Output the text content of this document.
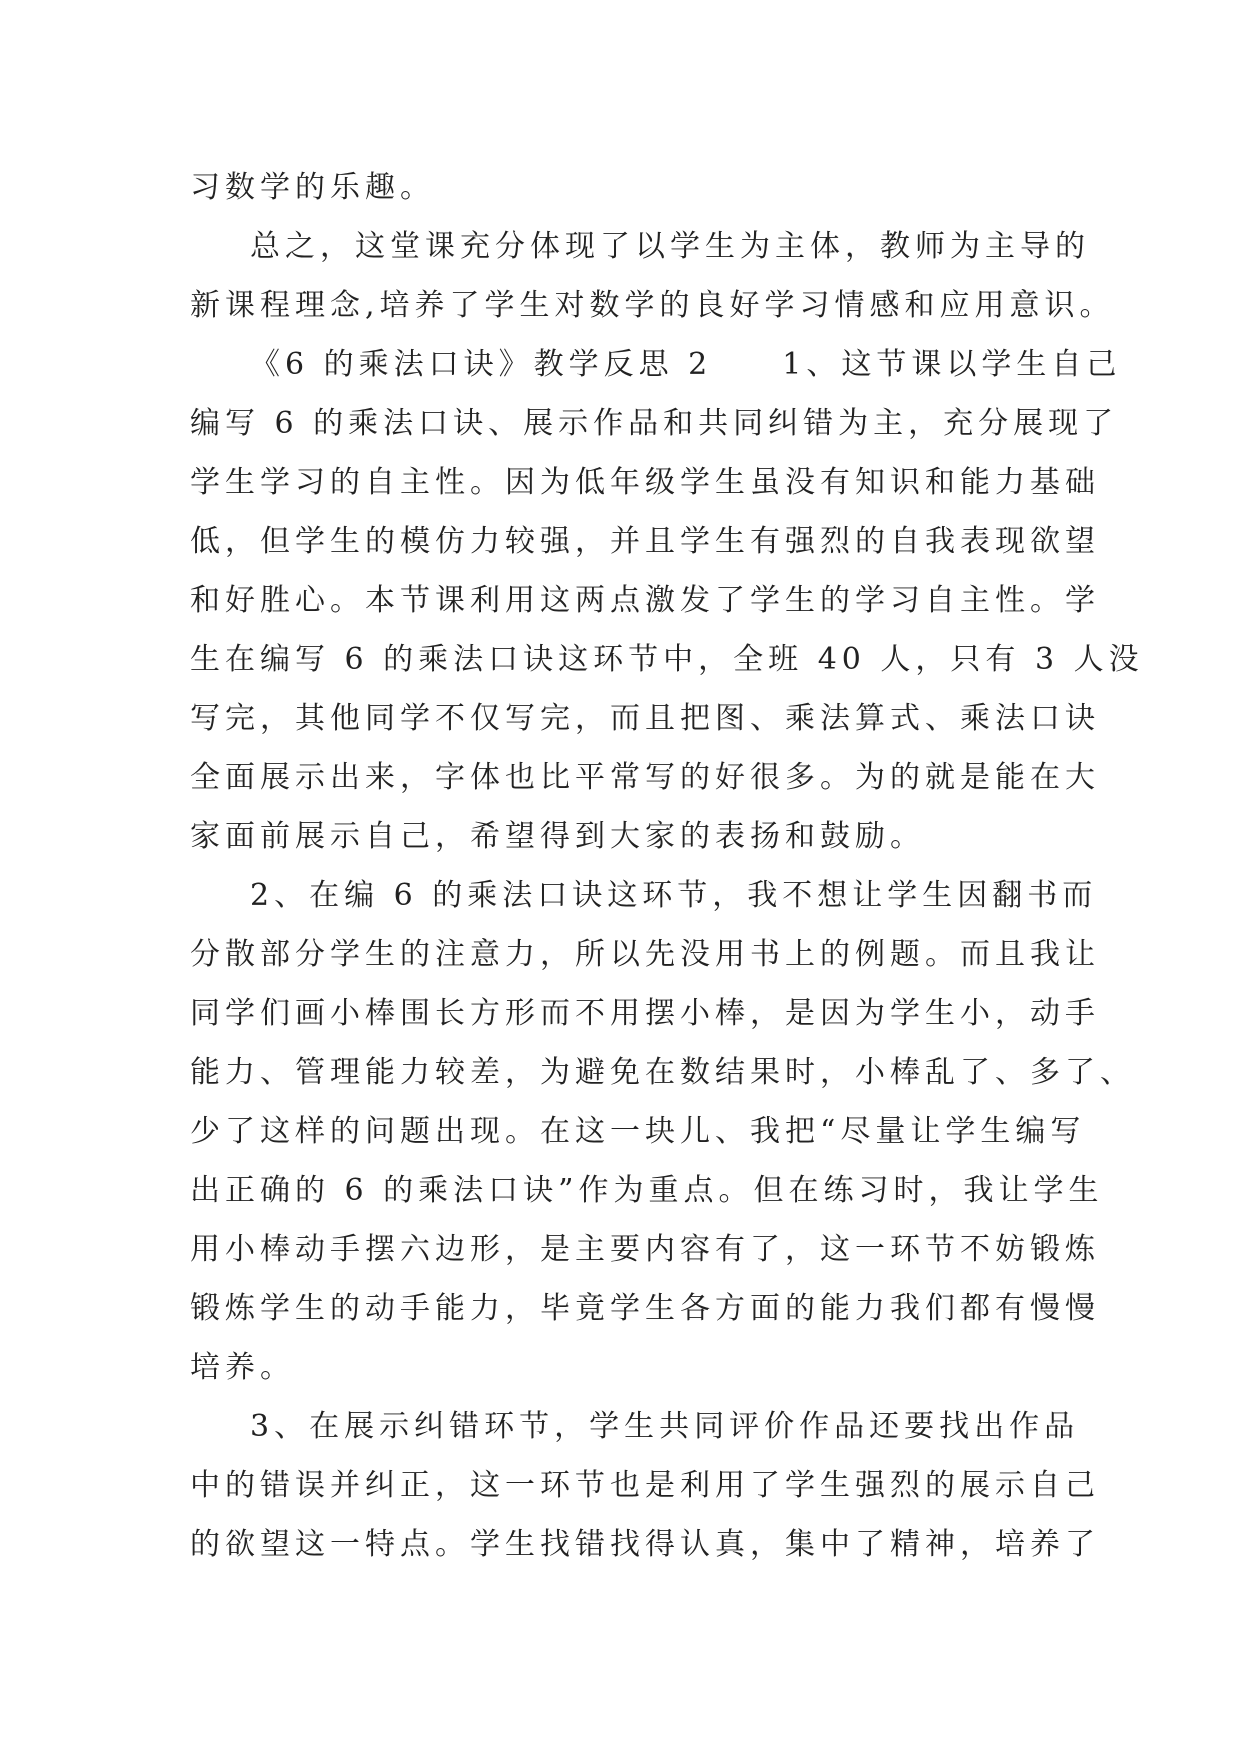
习数学的乐趣。
总之，这堂课充分体现了以学生为主体，教师为主导的
新课程理念,培养了学生对数学的良好学习情感和应用意识。
《6 的乘法口诀》教学反思 2　　1、这节课以学生自己
编写 6 的乘法口诀、展示作品和共同纠错为主，充分展现了
学生学习的自主性。因为低年级学生虽没有知识和能力基础
低，但学生的模仿力较强，并且学生有强烈的自我表现欲望
和好胜心。本节课利用这两点激发了学生的学习自主性。学
生在编写 6 的乘法口诀这环节中，全班 40 人，只有 3 人没
写完，其他同学不仅写完，而且把图、乘法算式、乘法口诀
全面展示出来，字体也比平常写的好很多。为的就是能在大
家面前展示自己，希望得到大家的表扬和鼓励。
2、在编 6 的乘法口诀这环节，我不想让学生因翻书而
分散部分学生的注意力，所以先没用书上的例题。而且我让
同学们画小棒围长方形而不用摆小棒，是因为学生小，动手
能力、管理能力较差，为避免在数结果时，小棒乱了、多了、
少了这样的问题出现。在这一块儿、我把“尽量让学生编写
出正确的 6 的乘法口诀”作为重点。但在练习时，我让学生
用小棒动手摆六边形，是主要内容有了，这一环节不妨锻炼
锻炼学生的动手能力，毕竟学生各方面的能力我们都有慢慢
培养。
3、在展示纠错环节，学生共同评价作品还要找出作品
中的错误并纠正，这一环节也是利用了学生强烈的展示自己
的欲望这一特点。学生找错找得认真，集中了精神，培养了
